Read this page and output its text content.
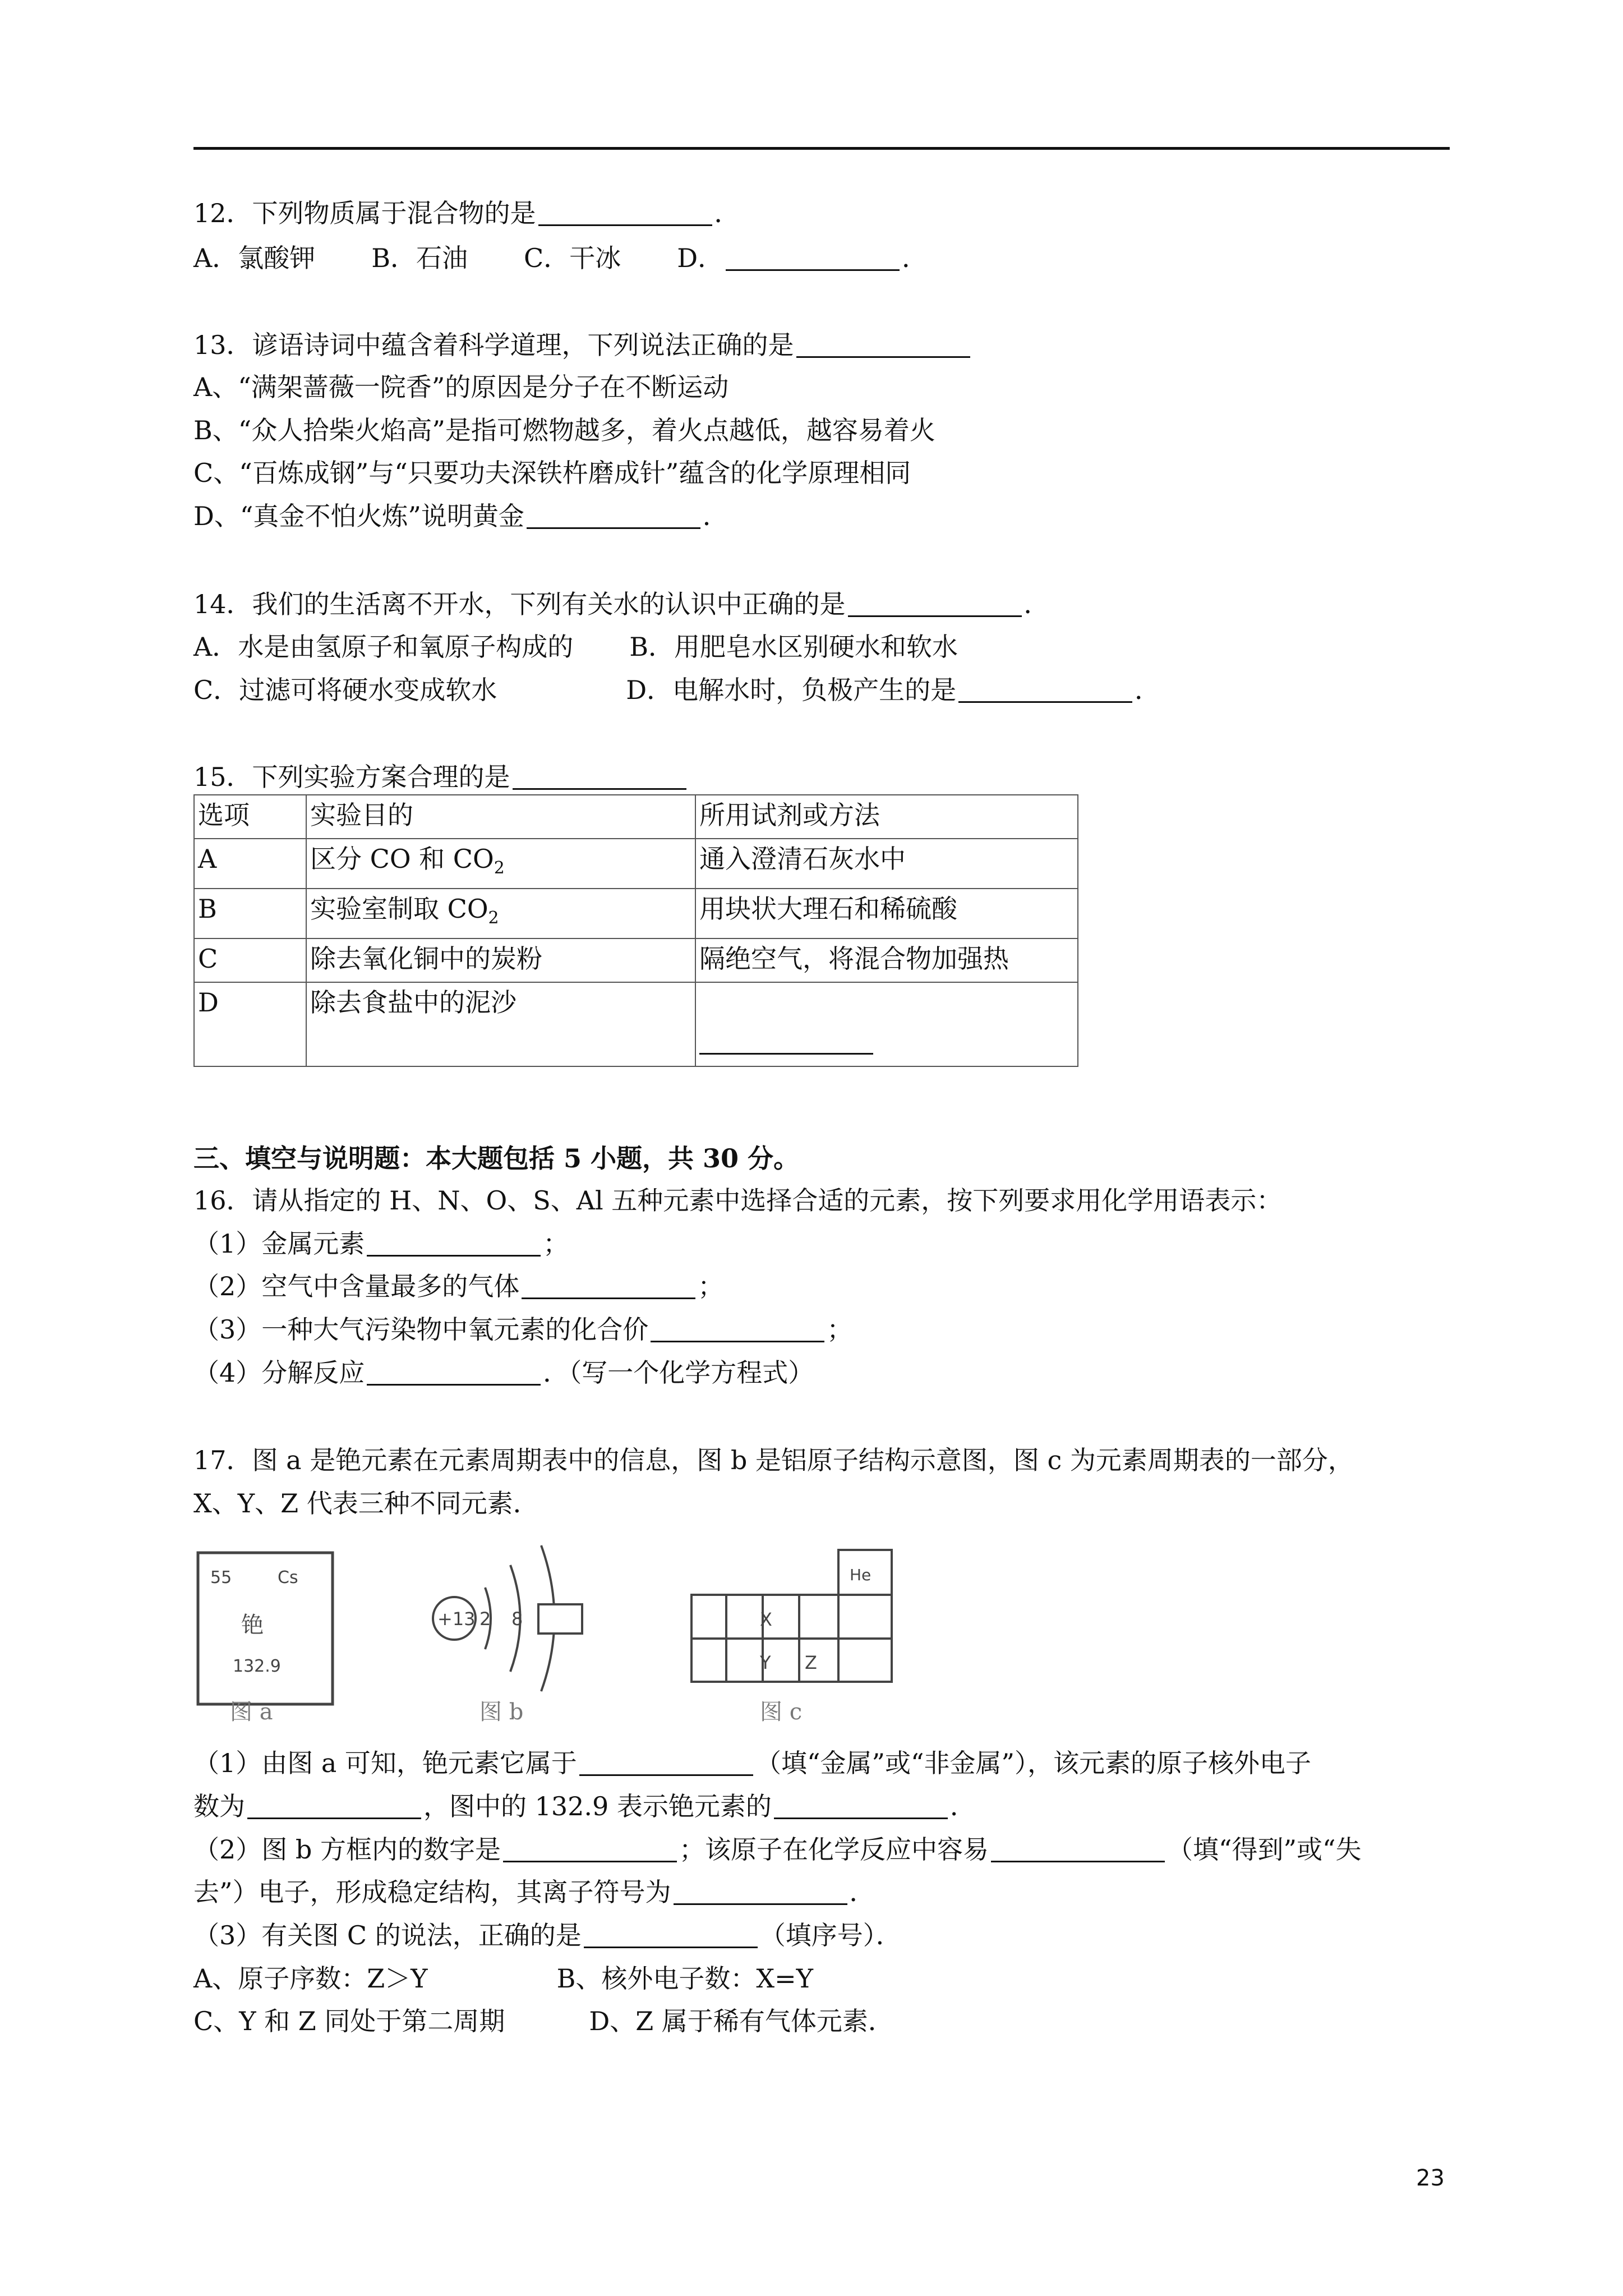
12．下列物质属于混合物的是	．
A．氯酸钾 B．石油 C．干冰 D．	．
13．谚语诗词中蕴含着科学道理，下列说法正确的是
A、“满架蔷薇一院香”的原因是分子在不断运动
B、“众人拾柴火焰高”是指可燃物越多，着火点越低，越容易着火
C、“百炼成钢”与“只要功夫深铁杵磨成针”蕴含的化学原理相同
D、“真金不怕火炼”说明黄金	．
14．我们的生活离不开水，下列有关水的认识中正确的是	．
A．水是由氢原子和氧原子构成的 B．用肥皂水区别硬水和软水
C．过滤可将硬水变成软水	D．电解水时，负极产生的是	．
15．下列实验方案合理的是
选项	实验目的	所用试剂或方法
A	区分 CO 和 $CO_2$	通入澄清石灰水中
B	实验室制取 $CO_2$	用块状大理石和稀硫酸
C	除去氧化铜中的炭粉	隔绝空气，将混合物加强热
D	除去食盐中的泥沙	
三、填空与说明题：本大题包括 5 小题，共 30 分。
16．请从指定的 H、N、O、S、Al 五种元素中选择合适的元素，按下列要求用化学用语表示：
（1）金属元素	；
（2）空气中含量最多的气体	；
（3）一种大气污染物中氧元素的化合价	；
（4）分解反应	．（写一个化学方程式）
17．图 a 是铯元素在元素周期表中的信息，图 b 是铝原子结构示意图，图 c 为元素周期表的一部分，
X、Y、Z 代表三种不同元素．
55	Cs
铯
132.9
图 a
+13 2 8
图 b
He
X
Y Z
图 c
（1）由图 a 可知，铯元素它属于	（填“金属”或“非金属”），该元素的原子核外电子
数为	，图中的 132.9 表示铯元素的	．
（2）图 b 方框内的数字是	；该原子在化学反应中容易	（填“得到”或“失
去”）电子，形成稳定结构，其离子符号为	．
（3）有关图 C 的说法，正确的是	（填序号）．
A、原子序数：Z＞Y	B、核外电子数：X=Y
C、Y 和 Z 同处于第二周期	D、Z 属于稀有气体元素．
23
